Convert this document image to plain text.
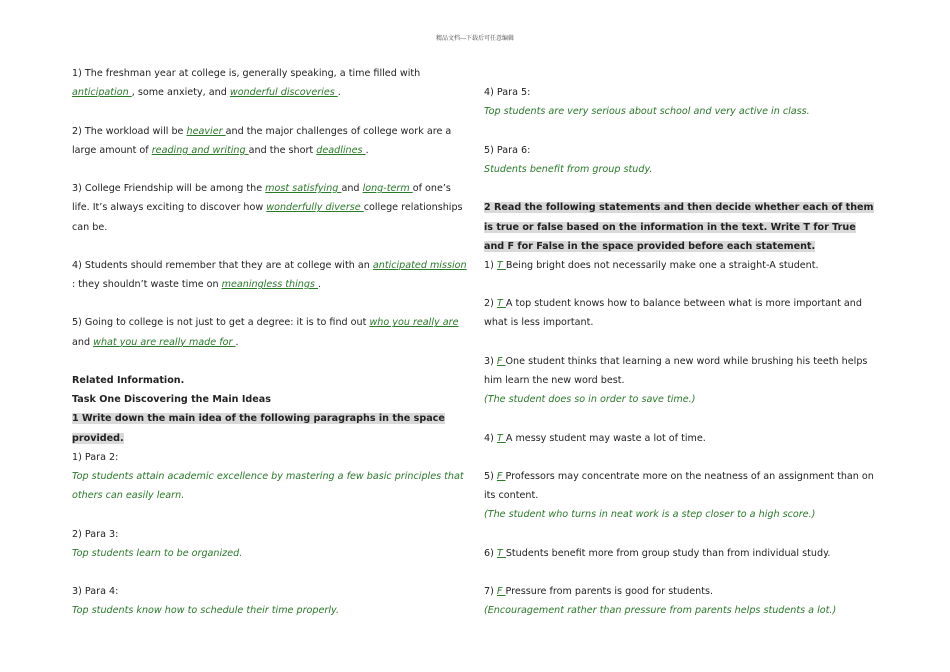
精品文档---下载后可任意编辑
1) The freshman year at college is, generally speaking, a time filled with
anticipation , some anxiety, and wonderful discoveries .
2) The workload will be heavier and the major challenges of college work are a
large amount of reading and writing and the short deadlines .
3) College Friendship will be among the most satisfying and long-term of one’s
life. It’s always exciting to discover how wonderfully diverse college relationships
can be.
4) Students should remember that they are at college with an anticipated mission
: they shouldn’t waste time on meaningless things .
5) Going to college is not just to get a degree: it is to find out who you really are
and what you are really made for .
Related Information.
Task One Discovering the Main Ideas
1 Write down the main idea of the following paragraphs in the space
provided.
1) Para 2:
Top students attain academic excellence by mastering a few basic principles that
others can easily learn.
2) Para 3:
Top students learn to be organized.
3) Para 4:
Top students know how to schedule their time properly.
4) Para 5:
Top students are very serious about school and very active in class.
5) Para 6:
Students benefit from group study.
2 Read the following statements and then decide whether each of them
is true or false based on the information in the text. Write T for True
and F for False in the space provided before each statement.
1) T Being bright does not necessarily make one a straight-A student.
2) T A top student knows how to balance between what is more important and
what is less important.
3) F One student thinks that learning a new word while brushing his teeth helps
him learn the new word best.
(The student does so in order to save time.)
4) T A messy student may waste a lot of time.
5) F Professors may concentrate more on the neatness of an assignment than on
its content.
(The student who turns in neat work is a step closer to a high score.)
6) T Students benefit more from group study than from individual study.
7) F Pressure from parents is good for students.
(Encouragement rather than pressure from parents helps students a lot.)
